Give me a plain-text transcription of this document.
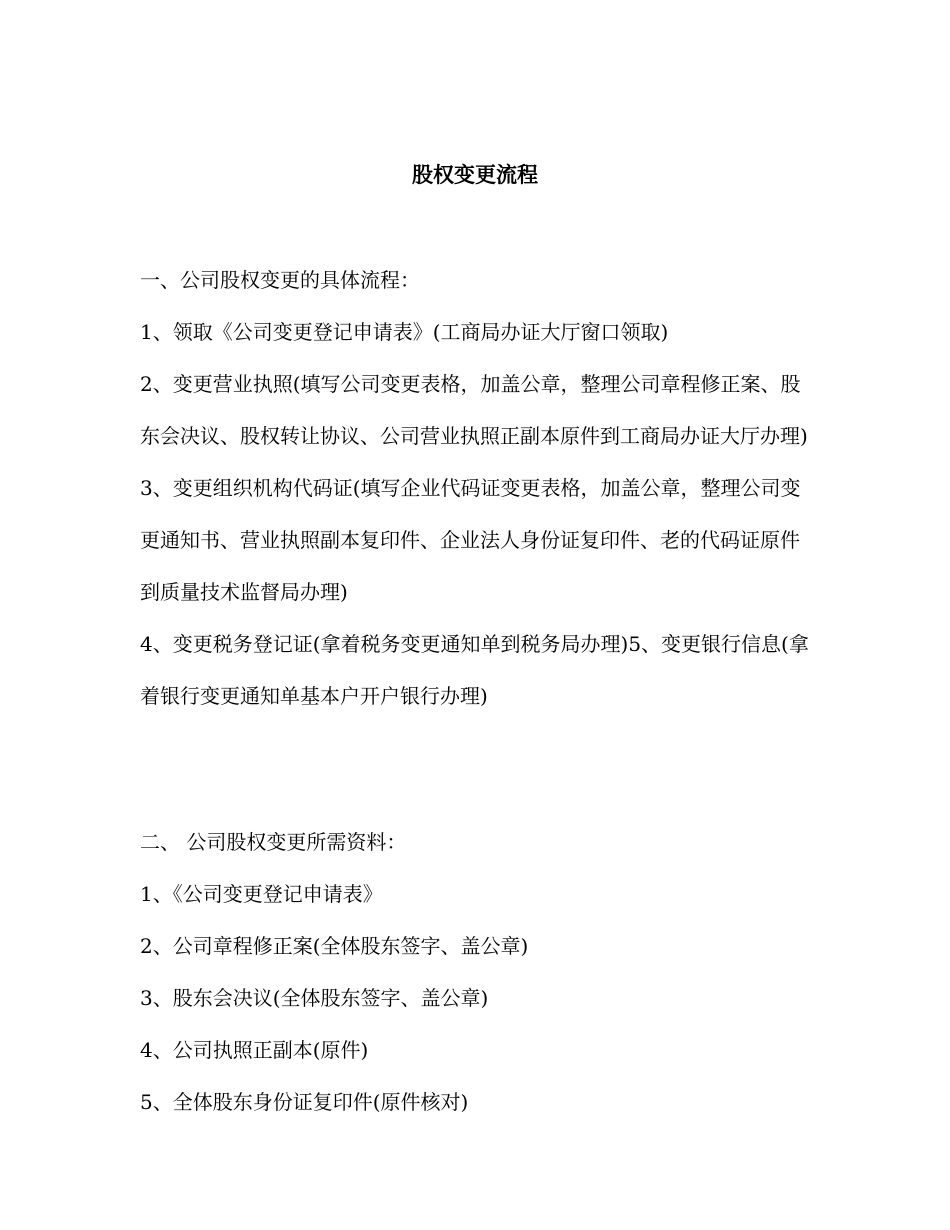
股权变更流程

一、公司股权变更的具体流程：

1、领取《公司变更登记申请表》(工商局办证大厅窗口领取)

2、变更营业执照(填写公司变更表格，加盖公章，整理公司章程修正案、股东会决议、股权转让协议、公司营业执照正副本原件到工商局办证大厅办理)

3、变更组织机构代码证(填写企业代码证变更表格，加盖公章，整理公司变更通知书、营业执照副本复印件、企业法人身份证复印件、老的代码证原件到质量技术监督局办理)

4、变更税务登记证(拿着税务变更通知单到税务局办理)5、变更银行信息(拿着银行变更通知单基本户开户银行办理)

二、 公司股权变更所需资料：

1、《公司变更登记申请表》

2、公司章程修正案(全体股东签字、盖公章)

3、股东会决议(全体股东签字、盖公章)

4、公司执照正副本(原件)

5、全体股东身份证复印件(原件核对)
